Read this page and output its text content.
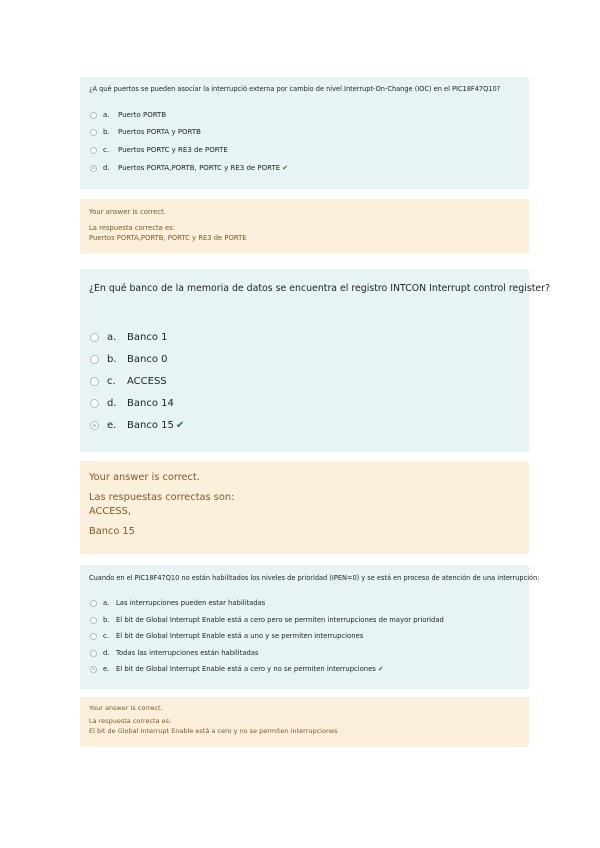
¿A qué puertos se pueden asociar la interrupció externa por cambio de nivel Interrupt-On-Change (IOC) en el PIC18F47Q10?
a.	Puerto PORTB
b.	Puertos PORTA y PORTB
c.	Puertos PORTC y RE3 de PORTE
d.	Puertos PORTA,PORTB, PORTC y RE3 de PORTE ✔
Your answer is correct.
La respuesta correcta es:
Puertos PORTA,PORTB, PORTC y RE3 de PORTE
¿En qué banco de la memoria de datos se encuentra el registro INTCON Interrupt control register?
a.	Banco 1
b.	Banco 0
c.	ACCESS
d.	Banco 14
e.	Banco 15 ✔
Your answer is correct.
Las respuestas correctas son:
ACCESS,
Banco 15
Cuando en el PIC18F47Q10 no están habilitados los niveles de prioridad (IPEN=0) y se está en proceso de atención de una interrupción:
a. Las interrupciones pueden estar habilitadas
b. El bit de Global Interrupt Enable está a cero pero se permiten interrupciones de mayor prioridad
c.	El bit de Global Interrupt Enable está a uno y se permiten interrupciones
d. Todas las interrupciones están habilitadas
e. El bit de Global Interrupt Enable está a cero y no se permiten interrupciones ✔
Your answer is correct.
La respuesta correcta es:
El bit de Global Interrupt Enable está a cero y no se permiten interrupciones
